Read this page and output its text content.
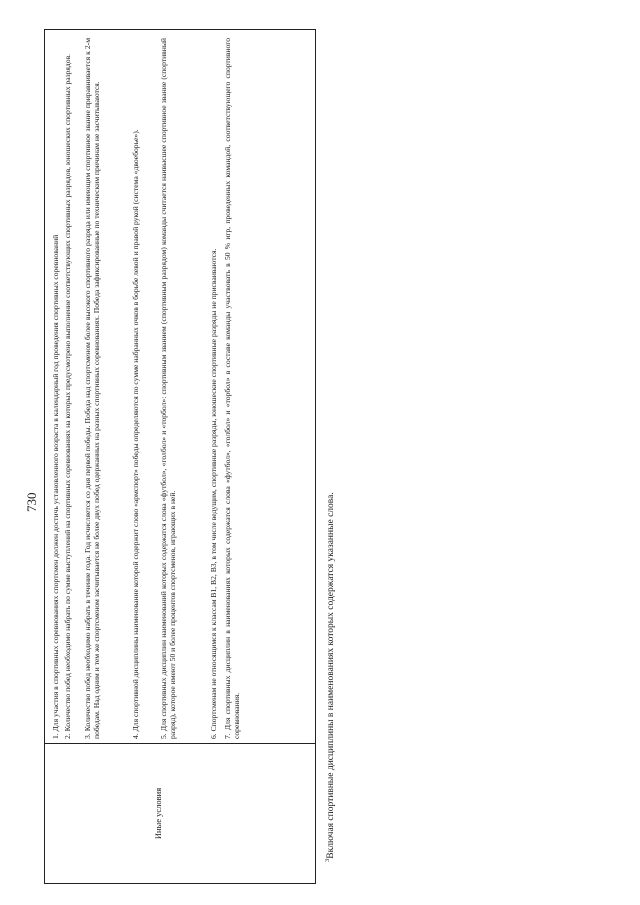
730
Иные условия
1. Для участия в спортивных соревнованиях спортсмен должен достичь установленного возраста в календарный год проведения спортивных соревнований 2. Количество побед необходимо набрать по сумме выступлений на спортивных соревнованиях на которых предусмотрено выполнение соответствующих спортивных разрядов, юношеских спортивных разрядов. 3. Количество побед необходимо набрать в течение года. Год исчисляется со дня первой победы. Победа над спортсменом более высокого спортивного разряда или имеющим спортивное звание приравнивается к 2-м победам. Над одним и тем же спортсменом засчитывается не более двух побед одержанных на разных спортивных соревнованиях. Победа зафиксированные по техническим причинам не засчитываются.	4. Для спортивной дисциплины наименование которой содержит слово «армспорт» победы определяются по сумме набранных очков в борьбе левой и правой рукой (система «двоеборье»).	5. Для спортивных дисциплин наименований которых содержатся слова «футбол», «голбол» и «торбол»: спортивным званием (спортивным разрядом) команды считается наивысшее спортивное звание (спортивный разряд), которое имеют 50 и более процентов спортсменов, играющих в ней.	6. Спортсменам не относящимся к классам В1, В2, В3, в том числе ведущим, спортивные разряды, юношеские спортивные разряды не присваиваются. 7. Для спортивных дисциплин в наименованиях которых содержатся слова «футбол», «голбол» и «торбол» в составе команды участвовать в 50 % игр, проведенных командой, соответствующего спортивного соревнования.
$^3$Включая спортивные дисциплины в наименованиях которых содержатся указанные слова.
